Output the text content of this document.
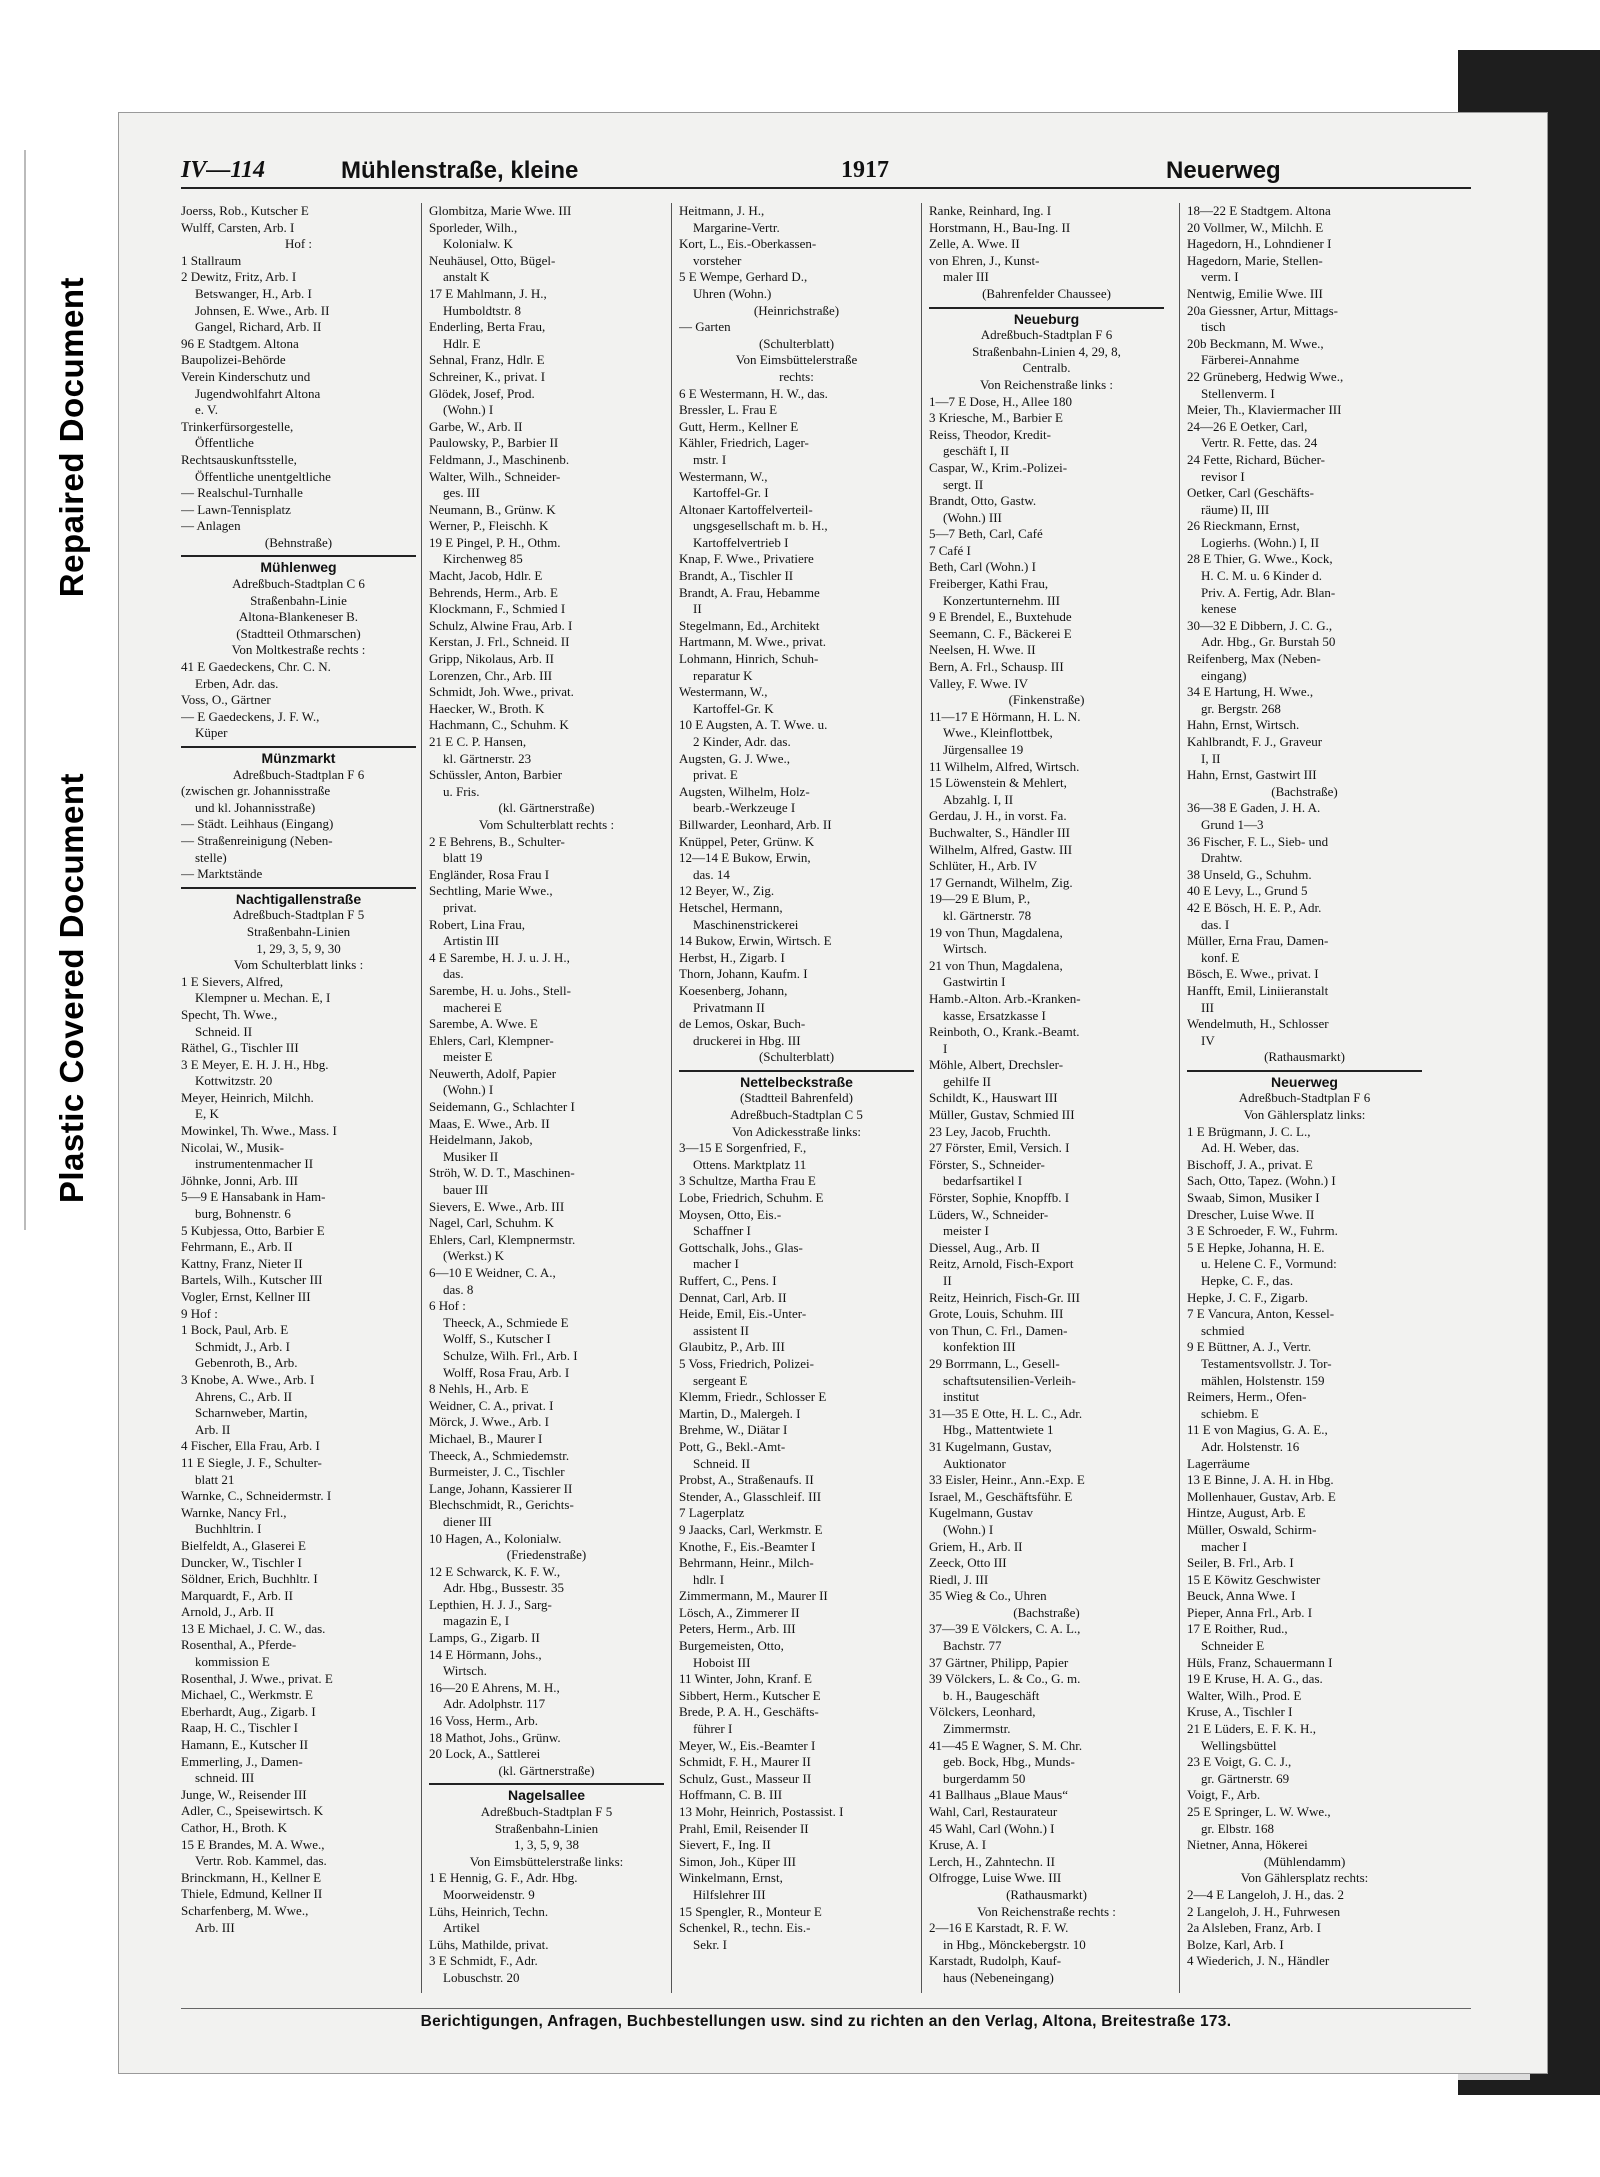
Repaired Document
Plastic Covered Document
IV—114	Mühlenstraße, kleine	1917	Neuerweg
Joerss, Rob., Kutscher E
Wulff, Carsten, Arb. I
Hof :
1 Stallraum
2 Dewitz, Fritz, Arb. I
Betswanger, H., Arb. I
Johnsen, E. Wwe., Arb. II
Gangel, Richard, Arb. II
96 E Stadtgem. Altona
Baupolizei-Behörde
Verein Kinderschutz und
Jugendwohlfahrt Altona
e. V.
Trinkerfürsorgestelle,
Öffentliche
Rechtsauskunftsstelle,
Öffentliche unentgeltliche
— Realschul-Turnhalle
— Lawn-Tennisplatz
— Anlagen
(Behnstraße)
Mühlenweg
Adreßbuch-Stadtplan C 6
Straßenbahn-Linie
Altona-Blankeneser B.
(Stadtteil Othmarschen)
Von Moltkestraße rechts :
41 E Gaedeckens, Chr. C. N.
Erben, Adr. das.
Voss, O., Gärtner
— E Gaedeckens, J. F. W.,
Küper
Münzmarkt
Adreßbuch-Stadtplan F 6
(zwischen gr. Johannisstraße
und kl. Johannisstraße)
— Städt. Leihhaus (Eingang)
— Straßenreinigung (Neben-
stelle)
— Marktstände
Nachtigallenstraße
Adreßbuch-Stadtplan F 5
Straßenbahn-Linien
1, 29, 3, 5, 9, 30
Vom Schulterblatt links :
1 E Sievers, Alfred,
Klempner u. Mechan. E, I
Specht, Th. Wwe.,
Schneid. II
Räthel, G., Tischler III
3 E Meyer, E. H. J. H., Hbg.
Kottwitzstr. 20
Meyer, Heinrich, Milchh.
E, K
Mowinkel, Th. Wwe., Mass. I
Nicolai, W., Musik-
instrumentenmacher II
Jöhnke, Jonni, Arb. III
5—9 E Hansabank in Ham-
burg, Bohnenstr. 6
5 Kubjessa, Otto, Barbier E
Fehrmann, E., Arb. II
Kattny, Franz, Nieter II
Bartels, Wilh., Kutscher III
Vogler, Ernst, Kellner III
9 Hof :
1 Bock, Paul, Arb. E
Schmidt, J., Arb. I
Gebenroth, B., Arb.
3 Knobe, A. Wwe., Arb. I
Ahrens, C., Arb. II
Scharnweber, Martin,
Arb. II
4 Fischer, Ella Frau, Arb. I
11 E Siegle, J. F., Schulter-
blatt 21
Warnke, C., Schneidermstr. I
Warnke, Nancy Frl.,
Buchhltrin. I
Bielfeldt, A., Glaserei E
Duncker, W., Tischler I
Söldner, Erich, Buchhltr. I
Marquardt, F., Arb. II
Arnold, J., Arb. II
13 E Michael, J. C. W., das.
Rosenthal, A., Pferde-
kommission E
Rosenthal, J. Wwe., privat. E
Michael, C., Werkmstr. E
Eberhardt, Aug., Zigarb. I
Raap, H. C., Tischler I
Hamann, E., Kutscher II
Emmerling, J., Damen-
schneid. III
Junge, W., Reisender III
Adler, C., Speisewirtsch. K
Cathor, H., Broth. K
15 E Brandes, M. A. Wwe.,
Vertr. Rob. Kammel, das.
Brinckmann, H., Kellner E
Thiele, Edmund, Kellner II
Scharfenberg, M. Wwe.,
Arb. III
Glombitza, Marie Wwe. III
Sporleder, Wilh.,
Kolonialw. K
Neuhäusel, Otto, Bügel-
anstalt K
17 E Mahlmann, J. H.,
Humboldtstr. 8
Enderling, Berta Frau,
Hdlr. E
Sehnal, Franz, Hdlr. E
Schreiner, K., privat. I
Glödek, Josef, Prod.
(Wohn.) I
Garbe, W., Arb. II
Paulowsky, P., Barbier II
Feldmann, J., Maschinenb.
Walter, Wilh., Schneider-
ges. III
Neumann, B., Grünw. K
Werner, P., Fleischh. K
19 E Pingel, P. H., Othm.
Kirchenweg 85
Macht, Jacob, Hdlr. E
Behrends, Herm., Arb. E
Klockmann, F., Schmied I
Schulz, Alwine Frau, Arb. I
Kerstan, J. Frl., Schneid. II
Gripp, Nikolaus, Arb. II
Lorenzen, Chr., Arb. III
Schmidt, Joh. Wwe., privat.
Haecker, W., Broth. K
Hachmann, C., Schuhm. K
21 E C. P. Hansen,
kl. Gärtnerstr. 23
Schüssler, Anton, Barbier
u. Fris.
(kl. Gärtnerstraße)
Vom Schulterblatt rechts :
2 E Behrens, B., Schulter-
blatt 19
Engländer, Rosa Frau I
Sechtling, Marie Wwe.,
privat.
Robert, Lina Frau,
Artistin III
4 E Sarembe, H. J. u. J. H.,
das.
Sarembe, H. u. Johs., Stell-
macherei E
Sarembe, A. Wwe. E
Ehlers, Carl, Klempner-
meister E
Neuwerth, Adolf, Papier
(Wohn.) I
Seidemann, G., Schlachter I
Maas, E. Wwe., Arb. II
Heidelmann, Jakob,
Musiker II
Ströh, W. D. T., Maschinen-
bauer III
Sievers, E. Wwe., Arb. III
Nagel, Carl, Schuhm. K
Ehlers, Carl, Klempnermstr.
(Werkst.) K
6—10 E Weidner, C. A.,
das. 8
6 Hof :
Theeck, A., Schmiede E
Wolff, S., Kutscher I
Schulze, Wilh. Frl., Arb. I
Wolff, Rosa Frau, Arb. I
8 Nehls, H., Arb. E
Weidner, C. A., privat. I
Mörck, J. Wwe., Arb. I
Michael, B., Maurer I
Theeck, A., Schmiedemstr.
Burmeister, J. C., Tischler
Lange, Johann, Kassierer II
Blechschmidt, R., Gerichts-
diener III
10 Hagen, A., Kolonialw.
(Friedenstraße)
12 E Schwarck, K. F. W.,
Adr. Hbg., Bussestr. 35
Lepthien, H. J. J., Sarg-
magazin E, I
Lamps, G., Zigarb. II
14 E Hörmann, Johs.,
Wirtsch.
16—20 E Ahrens, M. H.,
Adr. Adolphstr. 117
16 Voss, Herm., Arb.
18 Mathot, Johs., Grünw.
20 Lock, A., Sattlerei
(kl. Gärtnerstraße)
Nagelsallee
Adreßbuch-Stadtplan F 5
Straßenbahn-Linien
1, 3, 5, 9, 38
Von Eimsbüttelerstraße links:
1 E Hennig, G. F., Adr. Hbg.
Moorweidenstr. 9
Lühs, Heinrich, Techn.
Artikel
Lühs, Mathilde, privat.
3 E Schmidt, F., Adr.
Lobuschstr. 20
Heitmann, J. H.,
Margarine-Vertr.
Kort, L., Eis.-Oberkassen-
vorsteher
5 E Wempe, Gerhard D.,
Uhren (Wohn.)
(Heinrichstraße)
— Garten
(Schulterblatt)
Von Eimsbüttelerstraße
rechts:
6 E Westermann, H. W., das.
Bressler, L. Frau E
Gutt, Herm., Kellner E
Kähler, Friedrich, Lager-
mstr. I
Westermann, W.,
Kartoffel-Gr. I
Altonaer Kartoffelverteil-
ungsgesellschaft m. b. H.,
Kartoffelvertrieb I
Knap, F. Wwe., Privatiere
Brandt, A., Tischler II
Brandt, A. Frau, Hebamme
II
Stegelmann, Ed., Architekt
Hartmann, M. Wwe., privat.
Lohmann, Hinrich, Schuh-
reparatur K
Westermann, W.,
Kartoffel-Gr. K
10 E Augsten, A. T. Wwe. u.
2 Kinder, Adr. das.
Augsten, G. J. Wwe.,
privat. E
Augsten, Wilhelm, Holz-
bearb.-Werkzeuge I
Billwarder, Leonhard, Arb. II
Knüppel, Peter, Grünw. K
12—14 E Bukow, Erwin,
das. 14
12 Beyer, W., Zig.
Hetschel, Hermann,
Maschinenstrickerei
14 Bukow, Erwin, Wirtsch. E
Herbst, H., Zigarb. I
Thorn, Johann, Kaufm. I
Koesenberg, Johann,
Privatmann II
de Lemos, Oskar, Buch-
druckerei in Hbg. III
(Schulterblatt)
Nettelbeckstraße
(Stadtteil Bahrenfeld)
Adreßbuch-Stadtplan C 5
Von Adickesstraße links:
3—15 E Sorgenfried, F.,
Ottens. Marktplatz 11
3 Schultze, Martha Frau E
Lobe, Friedrich, Schuhm. E
Moysen, Otto, Eis.-
Schaffner I
Gottschalk, Johs., Glas-
macher I
Ruffert, C., Pens. I
Dennat, Carl, Arb. II
Heide, Emil, Eis.-Unter-
assistent II
Glaubitz, P., Arb. III
5 Voss, Friedrich, Polizei-
sergeant E
Klemm, Friedr., Schlosser E
Martin, D., Malergeh. I
Brehme, W., Diätar I
Pott, G., Bekl.-Amt-
Schneid. II
Probst, A., Straßenaufs. II
Stender, A., Glasschleif. III
7 Lagerplatz
9 Jaacks, Carl, Werkmstr. E
Knothe, F., Eis.-Beamter I
Behrmann, Heinr., Milch-
hdlr. I
Zimmermann, M., Maurer II
Lösch, A., Zimmerer II
Peters, Herm., Arb. III
Burgemeisten, Otto,
Hoboist III
11 Winter, John, Kranf. E
Sibbert, Herm., Kutscher E
Brede, P. A. H., Geschäfts-
führer I
Meyer, W., Eis.-Beamter I
Schmidt, F. H., Maurer II
Schulz, Gust., Masseur II
Hoffmann, C. B. III
13 Mohr, Heinrich, Postassist. I
Prahl, Emil, Reisender II
Sievert, F., Ing. II
Simon, Joh., Küper III
Winkelmann, Ernst,
Hilfslehrer III
15 Spengler, R., Monteur E
Schenkel, R., techn. Eis.-
Sekr. I
Ranke, Reinhard, Ing. I
Horstmann, H., Bau-Ing. II
Zelle, A. Wwe. II
von Ehren, J., Kunst-
maler III
(Bahrenfelder Chaussee)
Neueburg
Adreßbuch-Stadtplan F 6
Straßenbahn-Linien 4, 29, 8,
Centralb.
Von Reichenstraße links :
1—7 E Dose, H., Allee 180
3 Kriesche, M., Barbier E
Reiss, Theodor, Kredit-
geschäft I, II
Caspar, W., Krim.-Polizei-
sergt. II
Brandt, Otto, Gastw.
(Wohn.) III
5—7 Beth, Carl, Café
7 Café I
Beth, Carl (Wohn.) I
Freiberger, Kathi Frau,
Konzertunternehm. III
9 E Brendel, E., Buxtehude
Seemann, C. F., Bäckerei E
Neelsen, H. Wwe. II
Bern, A. Frl., Schausp. III
Valley, F. Wwe. IV
(Finkenstraße)
11—17 E Hörmann, H. L. N.
Wwe., Kleinflottbek,
Jürgensallee 19
11 Wilhelm, Alfred, Wirtsch.
15 Löwenstein & Mehlert,
Abzahlg. I, II
Gerdau, J. H., in vorst. Fa.
Buchwalter, S., Händler III
Wilhelm, Alfred, Gastw. III
Schlüter, H., Arb. IV
17 Gernandt, Wilhelm, Zig.
19—29 E Blum, P.,
kl. Gärtnerstr. 78
19 von Thun, Magdalena,
Wirtsch.
21 von Thun, Magdalena,
Gastwirtin I
Hamb.-Alton. Arb.-Kranken-
kasse, Ersatzkasse I
Reinboth, O., Krank.-Beamt.
I
Möhle, Albert, Drechsler-
gehilfe II
Schildt, K., Hauswart III
Müller, Gustav, Schmied III
23 Ley, Jacob, Fruchth.
27 Förster, Emil, Versich. I
Förster, S., Schneider-
bedarfsartikel I
Förster, Sophie, Knopffb. I
Lüders, W., Schneider-
meister I
Diessel, Aug., Arb. II
Reitz, Arnold, Fisch-Export
II
Reitz, Heinrich, Fisch-Gr. III
Grote, Louis, Schuhm. III
von Thun, C. Frl., Damen-
konfektion III
29 Borrmann, L., Gesell-
schaftsutensilien-Verleih-
institut
31—35 E Otte, H. L. C., Adr.
Hbg., Mattentwiete 1
31 Kugelmann, Gustav,
Auktionator
33 Eisler, Heinr., Ann.-Exp. E
Israel, M., Geschäftsführ. E
Kugelmann, Gustav
(Wohn.) I
Griem, H., Arb. II
Zeeck, Otto III
Riedl, J. III
35 Wieg & Co., Uhren
(Bachstraße)
37—39 E Völckers, C. A. L.,
Bachstr. 77
37 Gärtner, Philipp, Papier
39 Völckers, L. & Co., G. m.
b. H., Baugeschäft
Völckers, Leonhard,
Zimmermstr.
41—45 E Wagner, S. M. Chr.
geb. Bock, Hbg., Munds-
burgerdamm 50
41 Ballhaus „Blaue Maus“
Wahl, Carl, Restaurateur
45 Wahl, Carl (Wohn.) I
Kruse, A. I
Lerch, H., Zahntechn. II
Olfrogge, Luise Wwe. III
(Rathausmarkt)
Von Reichenstraße rechts :
2—16 E Karstadt, R. F. W.
in Hbg., Mönckebergstr. 10
Karstadt, Rudolph, Kauf-
haus (Nebeneingang)
18—22 E Stadtgem. Altona
20 Vollmer, W., Milchh. E
Hagedorn, H., Lohndiener I
Hagedorn, Marie, Stellen-
verm. I
Nentwig, Emilie Wwe. III
20a Giessner, Artur, Mittags-
tisch
20b Beckmann, M. Wwe.,
Färberei-Annahme
22 Grüneberg, Hedwig Wwe.,
Stellenverm. I
Meier, Th., Klaviermacher III
24—26 E Oetker, Carl,
Vertr. R. Fette, das. 24
24 Fette, Richard, Bücher-
revisor I
Oetker, Carl (Geschäfts-
räume) II, III
26 Rieckmann, Ernst,
Logierhs. (Wohn.) I, II
28 E Thier, G. Wwe., Kock,
H. C. M. u. 6 Kinder d.
Priv. A. Fertig, Adr. Blan-
kenese
30—32 E Dibbern, J. C. G.,
Adr. Hbg., Gr. Burstah 50
Reifenberg, Max (Neben-
eingang)
34 E Hartung, H. Wwe.,
gr. Bergstr. 268
Hahn, Ernst, Wirtsch.
Kahlbrandt, F. J., Graveur
I, II
Hahn, Ernst, Gastwirt III
(Bachstraße)
36—38 E Gaden, J. H. A.
Grund 1—3
36 Fischer, F. L., Sieb- und
Drahtw.
38 Unseld, G., Schuhm.
40 E Levy, L., Grund 5
42 E Bösch, H. E. P., Adr.
das. I
Müller, Erna Frau, Damen-
konf. E
Bösch, E. Wwe., privat. I
Hanfft, Emil, Liniieranstalt
III
Wendelmuth, H., Schlosser
IV
(Rathausmarkt)
Neuerweg
Adreßbuch-Stadtplan F 6
Von Gählersplatz links:
1 E Brügmann, J. C. L.,
Ad. H. Weber, das.
Bischoff, J. A., privat. E
Sach, Otto, Tapez. (Wohn.) I
Swaab, Simon, Musiker I
Drescher, Luise Wwe. II
3 E Schroeder, F. W., Fuhrm.
5 E Hepke, Johanna, H. E.
u. Helene C. F., Vormund:
Hepke, C. F., das.
Hepke, J. C. F., Zigarb.
7 E Vancura, Anton, Kessel-
schmied
9 E Büttner, A. J., Vertr.
Testamentsvollstr. J. Tor-
mählen, Holstenstr. 159
Reimers, Herm., Ofen-
schiebm. E
11 E von Magius, G. A. E.,
Adr. Holstenstr. 16
Lagerräume
13 E Binne, J. A. H. in Hbg.
Mollenhauer, Gustav, Arb. E
Hintze, August, Arb. E
Müller, Oswald, Schirm-
macher I
Seiler, B. Frl., Arb. I
15 E Köwitz Geschwister
Beuck, Anna Wwe. I
Pieper, Anna Frl., Arb. I
17 E Roither, Rud.,
Schneider E
Hüls, Franz, Schauermann I
19 E Kruse, H. A. G., das.
Walter, Wilh., Prod. E
Kruse, A., Tischler I
21 E Lüders, E. F. K. H.,
Wellingsbüttel
23 E Voigt, G. C. J.,
gr. Gärtnerstr. 69
Voigt, F., Arb.
25 E Springer, L. W. Wwe.,
gr. Elbstr. 168
Nietner, Anna, Hökerei
(Mühlendamm)
Von Gählersplatz rechts:
2—4 E Langeloh, J. H., das. 2
2 Langeloh, J. H., Fuhrwesen
2a Alsleben, Franz, Arb. I
Bolze, Karl, Arb. I
4 Wiederich, J. N., Händler
Berichtigungen, Anfragen, Buchbestellungen usw. sind zu richten an den Verlag, Altona, Breitestraße 173.
